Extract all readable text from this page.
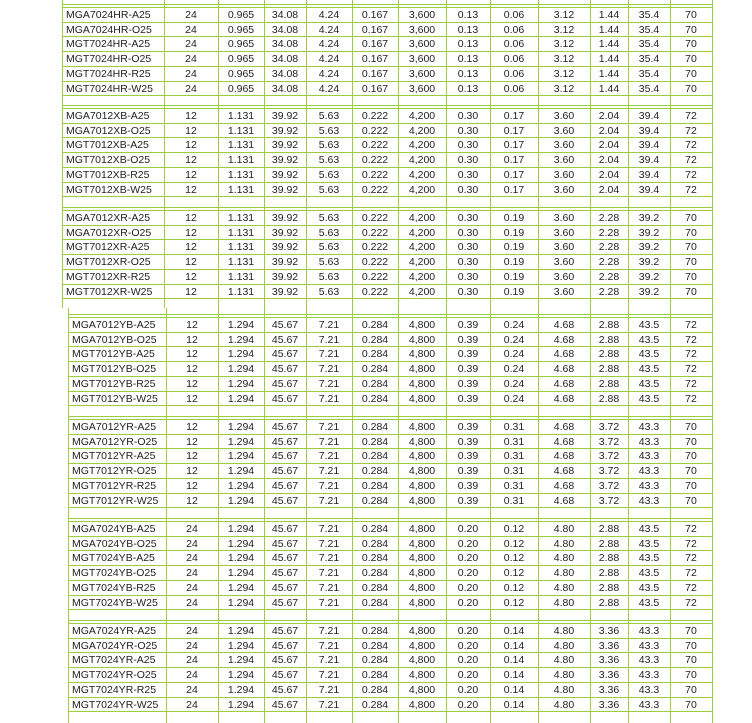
MGA7024HR-A25	24	0.965	34.08	4.24	0.167	3,600	0.13	0.06	3.12	1.44	35.4	70
MGA7024HR-O25	24	0.965	34.08	4.24	0.167	3,600	0.13	0.06	3.12	1.44	35.4	70
MGT7024HR-A25	24	0.965	34.08	4.24	0.167	3,600	0.13	0.06	3.12	1.44	35.4	70
MGT7024HR-O25	24	0.965	34.08	4.24	0.167	3,600	0.13	0.06	3.12	1.44	35.4	70
MGT7024HR-R25	24	0.965	34.08	4.24	0.167	3,600	0.13	0.06	3.12	1.44	35.4	70
MGT7024HR-W25	24	0.965	34.08	4.24	0.167	3,600	0.13	0.06	3.12	1.44	35.4	70
MGA7012XB-A25	12	1.131	39.92	5.63	0.222	4,200	0.30	0.17	3.60	2.04	39.4	72
MGA7012XB-O25	12	1.131	39.92	5.63	0.222	4,200	0.30	0.17	3.60	2.04	39.4	72
MGT7012XB-A25	12	1.131	39.92	5.63	0.222	4,200	0.30	0.17	3.60	2.04	39.4	72
MGT7012XB-O25	12	1.131	39.92	5.63	0.222	4,200	0.30	0.17	3.60	2.04	39.4	72
MGT7012XB-R25	12	1.131	39.92	5.63	0.222	4,200	0.30	0.17	3.60	2.04	39.4	72
MGT7012XB-W25	12	1.131	39.92	5.63	0.222	4,200	0.30	0.17	3.60	2.04	39.4	72
MGA7012XR-A25	12	1.131	39.92	5.63	0.222	4,200	0.30	0.19	3.60	2.28	39.2	70
MGA7012XR-O25	12	1.131	39.92	5.63	0.222	4,200	0.30	0.19	3.60	2.28	39.2	70
MGT7012XR-A25	12	1.131	39.92	5.63	0.222	4,200	0.30	0.19	3.60	2.28	39.2	70
MGT7012XR-O25	12	1.131	39.92	5.63	0.222	4,200	0.30	0.19	3.60	2.28	39.2	70
MGT7012XR-R25	12	1.131	39.92	5.63	0.222	4,200	0.30	0.19	3.60	2.28	39.2	70
MGT7012XR-W25	12	1.131	39.92	5.63	0.222	4,200	0.30	0.19	3.60	2.28	39.2	70
MGA7012YB-A25	12	1.294	45.67	7.21	0.284	4,800	0.39	0.24	4.68	2.88	43.5	72
MGA7012YB-O25	12	1.294	45.67	7.21	0.284	4,800	0.39	0.24	4.68	2.88	43.5	72
MGT7012YB-A25	12	1.294	45.67	7.21	0.284	4,800	0.39	0.24	4.68	2.88	43.5	72
MGT7012YB-O25	12	1.294	45.67	7.21	0.284	4,800	0.39	0.24	4.68	2.88	43.5	72
MGT7012YB-R25	12	1.294	45.67	7.21	0.284	4,800	0.39	0.24	4.68	2.88	43.5	72
MGT7012YB-W25	12	1.294	45.67	7.21	0.284	4,800	0.39	0.24	4.68	2.88	43.5	72
MGA7012YR-A25	12	1.294	45.67	7.21	0.284	4,800	0.39	0.31	4.68	3.72	43.3	70
MGA7012YR-O25	12	1.294	45.67	7.21	0.284	4,800	0.39	0.31	4.68	3.72	43.3	70
MGT7012YR-A25	12	1.294	45.67	7.21	0.284	4,800	0.39	0.31	4.68	3.72	43.3	70
MGT7012YR-O25	12	1.294	45.67	7.21	0.284	4,800	0.39	0.31	4.68	3.72	43.3	70
MGT7012YR-R25	12	1.294	45.67	7.21	0.284	4,800	0.39	0.31	4.68	3.72	43.3	70
MGT7012YR-W25	12	1.294	45.67	7.21	0.284	4,800	0.39	0.31	4.68	3.72	43.3	70
MGA7024YB-A25	24	1.294	45.67	7.21	0.284	4,800	0.20	0.12	4.80	2.88	43.5	72
MGA7024YB-O25	24	1.294	45.67	7.21	0.284	4,800	0.20	0.12	4.80	2.88	43.5	72
MGT7024YB-A25	24	1.294	45.67	7.21	0.284	4,800	0.20	0.12	4.80	2.88	43.5	72
MGT7024YB-O25	24	1.294	45.67	7.21	0.284	4,800	0.20	0.12	4.80	2.88	43.5	72
MGT7024YB-R25	24	1.294	45.67	7.21	0.284	4,800	0.20	0.12	4.80	2.88	43.5	72
MGT7024YB-W25	24	1.294	45.67	7.21	0.284	4,800	0.20	0.12	4.80	2.88	43.5	72
MGA7024YR-A25	24	1.294	45.67	7.21	0.284	4,800	0.20	0.14	4.80	3.36	43.3	70
MGA7024YR-O25	24	1.294	45.67	7.21	0.284	4,800	0.20	0.14	4.80	3.36	43.3	70
MGT7024YR-A25	24	1.294	45.67	7.21	0.284	4,800	0.20	0.14	4.80	3.36	43.3	70
MGT7024YR-O25	24	1.294	45.67	7.21	0.284	4,800	0.20	0.14	4.80	3.36	43.3	70
MGT7024YR-R25	24	1.294	45.67	7.21	0.284	4,800	0.20	0.14	4.80	3.36	43.3	70
MGT7024YR-W25	24	1.294	45.67	7.21	0.284	4,800	0.20	0.14	4.80	3.36	43.3	70
